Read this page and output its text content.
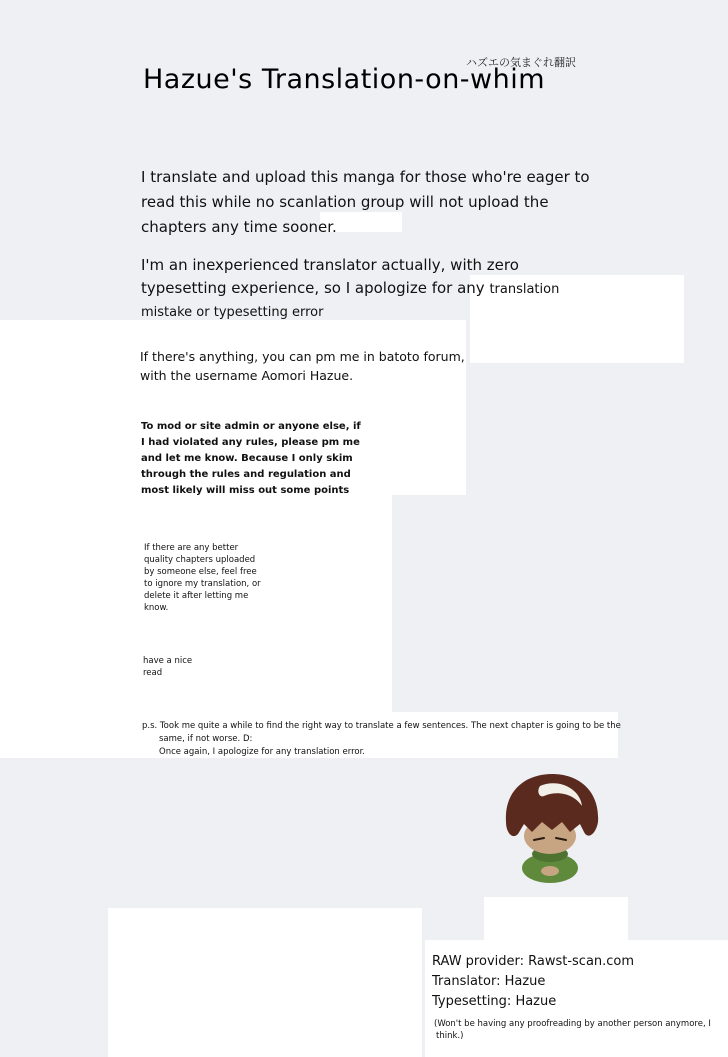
ハズエの気まぐれ翻訳

Hazue's Translation-on-whim
I translate and upload this manga for those who're eager to
read this while no scanlation group will not upload the
chapters any time sooner.
I'm an inexperienced translator actually, with zero
typesetting experience, so I apologize for any translation
mistake or typesetting error
If there's anything, you can pm me in batoto forum,
with the username Aomori Hazue.
To mod or site admin or anyone else, if
I had violated any rules, please pm me
and let me know. Because I only skim
through the rules and regulation and
most likely will miss out some points
If there are any better
quality chapters uploaded
by someone else, feel free
to ignore my translation, or
delete it after letting me
know.
have a nice
read
p.s. Took me quite a while to find the right way to translate a few sentences. The next chapter is going to be the
same, if not worse. D:
Once again, I apologize for any translation error.
RAW provider: Rawst-scan.com
Translator: Hazue
Typesetting: Hazue
(Won't be having any proofreading by another person anymore, I
think.)
